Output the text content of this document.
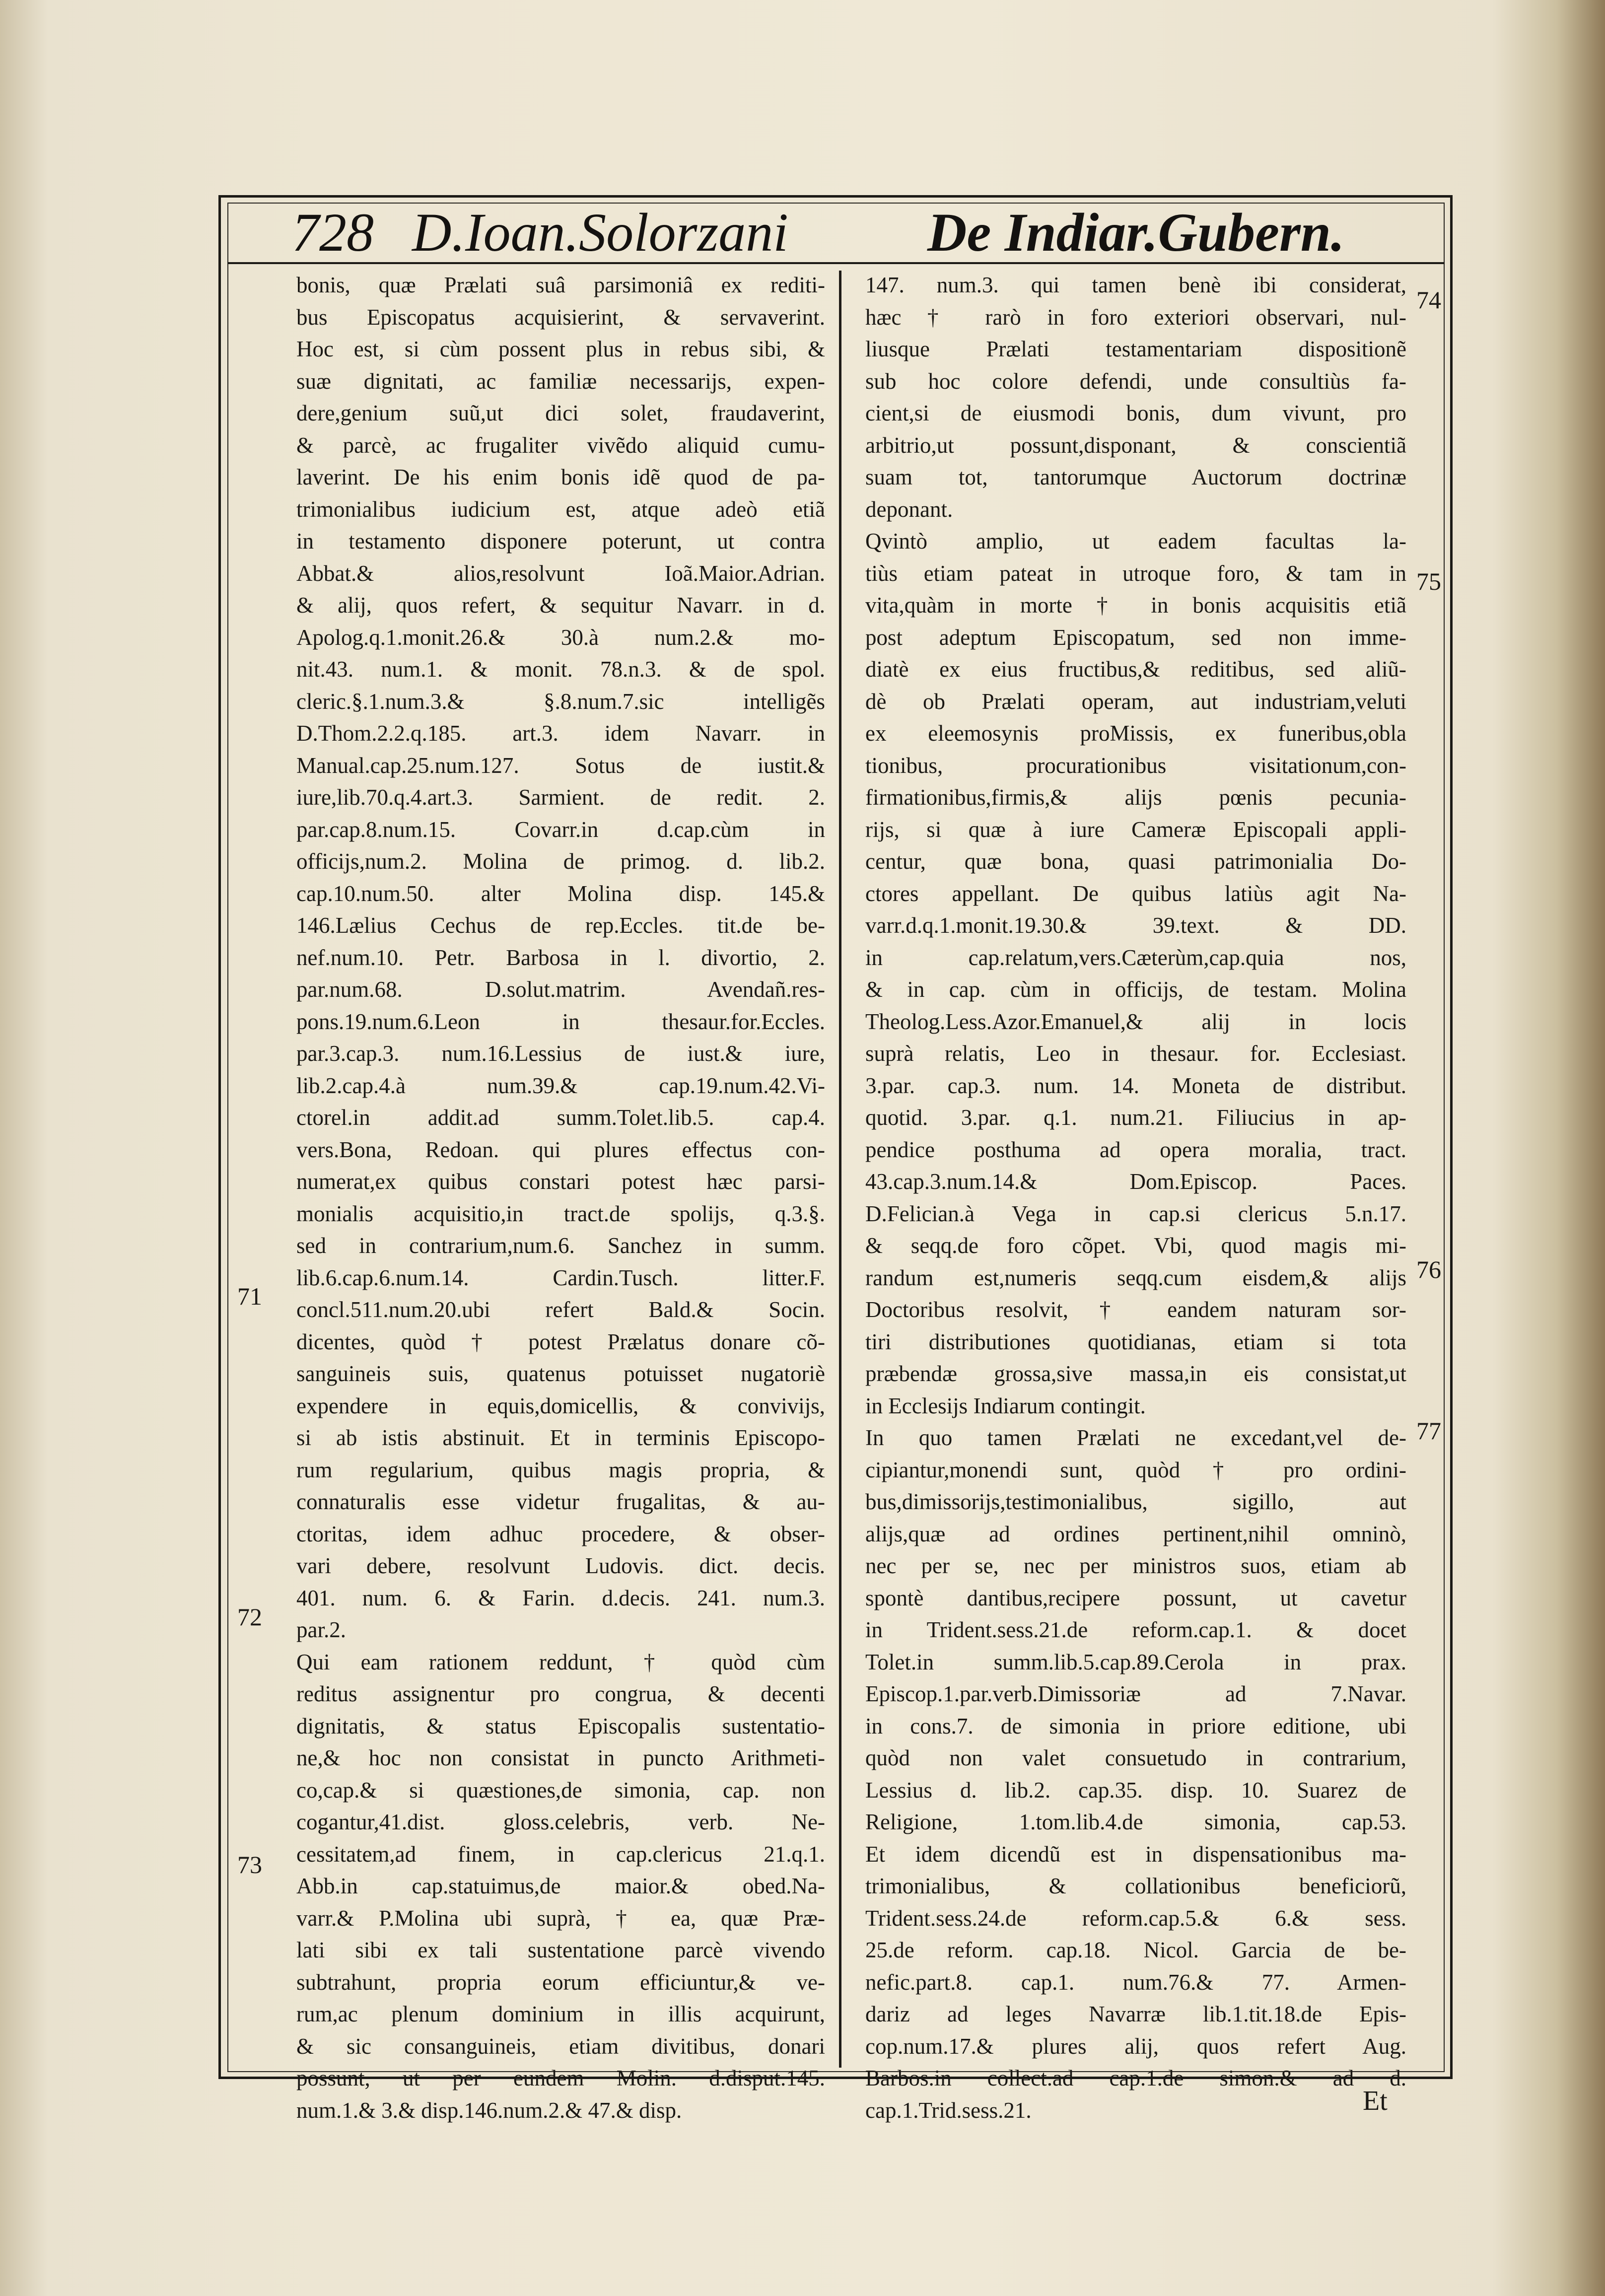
728 D.Ioan.Solorzani	De Indiar.Gubern.
bonis, quæ Prælati suâ parsimoniâ ex rediti-
bus Episcopatus acquisierint, & servaverint.
Hoc est, si cùm possent plus in rebus sibi, &
suæ dignitati, ac familiæ necessarijs, expen-
dere,genium suũ,ut dici solet, fraudaverint,
& parcè, ac frugaliter vivẽdo aliquid cumu-
laverint. De his enim bonis idẽ quod de pa-
trimonialibus iudicium est, atque adeò etiã
in testamento disponere poterunt, ut contra
Abbat.& alios,resolvunt Ioã.Maior.Adrian.
& alij, quos refert, & sequitur Navarr. in d.
Apolog.q.1.monit.26.& 30.à num.2.& mo-
nit.43. num.1. & monit. 78.n.3. & de spol.
cleric.§.1.num.3.& §.8.num.7.sic intelligẽs
D.Thom.2.2.q.185. art.3. idem Navarr. in
Manual.cap.25.num.127. Sotus de iustit.&
iure,lib.70.q.4.art.3. Sarmient. de redit. 2.
par.cap.8.num.15. Covarr.in d.cap.cùm in
officijs,num.2. Molina de primog. d. lib.2.
cap.10.num.50. alter Molina disp. 145.&
146.Lælius Cechus de rep.Eccles. tit.de be-
nef.num.10. Petr. Barbosa in l. divortio, 2.
par.num.68. D.solut.matrim. Avendañ.res-
pons.19.num.6.Leon in thesaur.for.Eccles.
par.3.cap.3. num.16.Lessius de iust.& iure,
lib.2.cap.4.à num.39.& cap.19.num.42.Vi-
ctorel.in addit.ad summ.Tolet.lib.5. cap.4.
vers.Bona, Redoan. qui plures effectus con-
numerat,ex quibus constari potest hæc parsi-
monialis acquisitio,in tract.de spolijs, q.3.§.
sed in contrarium,num.6. Sanchez in summ.
lib.6.cap.6.num.14. Cardin.Tusch. litter.F.
concl.511.num.20.ubi refert Bald.& Socin.
dicentes, quòd † potest Prælatus donare cõ-
sanguineis suis, quatenus potuisset nugatoriè
expendere in equis,domicellis, & convivijs,
si ab istis abstinuit. Et in terminis Episcopo-
rum regularium, quibus magis propria, &
connaturalis esse videtur frugalitas, & au-
ctoritas, idem adhuc procedere, & obser-
vari debere, resolvunt Ludovis. dict. decis.
401. num. 6. & Farin. d.decis. 241. num.3.
par.2.
Qui eam rationem reddunt, † quòd cùm
reditus assignentur pro congrua, & decenti
dignitatis, & status Episcopalis sustentatio-
ne,& hoc non consistat in puncto Arithmeti-
co,cap.& si quæstiones,de simonia, cap. non
cogantur,41.dist. gloss.celebris, verb. Ne-
cessitatem,ad finem, in cap.clericus 21.q.1.
Abb.in cap.statuimus,de maior.& obed.Na-
varr.& P.Molina ubi suprà, † ea, quæ Præ-
lati sibi ex tali sustentatione parcè vivendo
subtrahunt, propria eorum efficiuntur,& ve-
rum,ac plenum dominium in illis acquirunt,
& sic consanguineis, etiam divitibus, donari
possunt, ut per eundem Molin. d.disput.145.
num.1.& 3.& disp.146.num.2.& 47.& disp.
147. num.3. qui tamen benè ibi considerat,
hæc † rarò in foro exteriori observari, nul-
liusque Prælati testamentariam dispositionẽ
sub hoc colore defendi, unde consultiùs fa-
cient,si de eiusmodi bonis, dum vivunt, pro
arbitrio,ut possunt,disponant, & conscientiã
suam tot, tantorumque Auctorum doctrinæ
deponant.
Qvintò amplio, ut eadem facultas la-
tiùs etiam pateat in utroque foro, & tam in
vita,quàm in morte † in bonis acquisitis etiã
post adeptum Episcopatum, sed non imme-
diatè ex eius fructibus,& reditibus, sed aliũ-
dè ob Prælati operam, aut industriam,veluti
ex eleemosynis proMissis, ex funeribus,obla
tionibus, procurationibus visitationum,con-
firmationibus,firmis,& alijs pœnis pecunia-
rijs, si quæ à iure Cameræ Episcopali appli-
centur, quæ bona, quasi patrimonialia Do-
ctores appellant. De quibus latiùs agit Na-
varr.d.q.1.monit.19.30.& 39.text. & DD.
in cap.relatum,vers.Cæterùm,cap.quia nos,
& in cap. cùm in officijs, de testam. Molina
Theolog.Less.Azor.Emanuel,& alij in locis
suprà relatis, Leo in thesaur. for. Ecclesiast.
3.par. cap.3. num. 14. Moneta de distribut.
quotid. 3.par. q.1. num.21. Filiucius in ap-
pendice posthuma ad opera moralia, tract.
43.cap.3.num.14.& Dom.Episcop. Paces.
D.Felician.à Vega in cap.si clericus 5.n.17.
& seqq.de foro cõpet. Vbi, quod magis mi-
randum est,numeris seqq.cum eisdem,& alijs
Doctoribus resolvit, † eandem naturam sor-
tiri distributiones quotidianas, etiam si tota
præbendæ grossa,sive massa,in eis consistat,ut
in Ecclesijs Indiarum contingit.
In quo tamen Prælati ne excedant,vel de-
cipiantur,monendi sunt, quòd † pro ordini-
bus,dimissorijs,testimonialibus, sigillo, aut
alijs,quæ ad ordines pertinent,nihil omninò,
nec per se, nec per ministros suos, etiam ab
spontè dantibus,recipere possunt, ut cavetur
in Trident.sess.21.de reform.cap.1. & docet
Tolet.in summ.lib.5.cap.89.Cerola in prax.
Episcop.1.par.verb.Dimissoriæ ad 7.Navar.
in cons.7. de simonia in priore editione, ubi
quòd non valet consuetudo in contrarium,
Lessius d. lib.2. cap.35. disp. 10. Suarez de
Religione, 1.tom.lib.4.de simonia, cap.53.
Et idem dicendũ est in dispensationibus ma-
trimonialibus, & collationibus beneficiorũ,
Trident.sess.24.de reform.cap.5.& 6.& sess.
25.de reform. cap.18. Nicol. Garcia de be-
nefic.part.8. cap.1. num.76.& 77. Armen-
dariz ad leges Navarræ lib.1.tit.18.de Epis-
cop.num.17.& plures alij, quos refert Aug.
Barbos.in collect.ad cap.1.de simon.& ad d.
cap.1.Trid.sess.21.
71
72
73
74
75
76
77
Et
